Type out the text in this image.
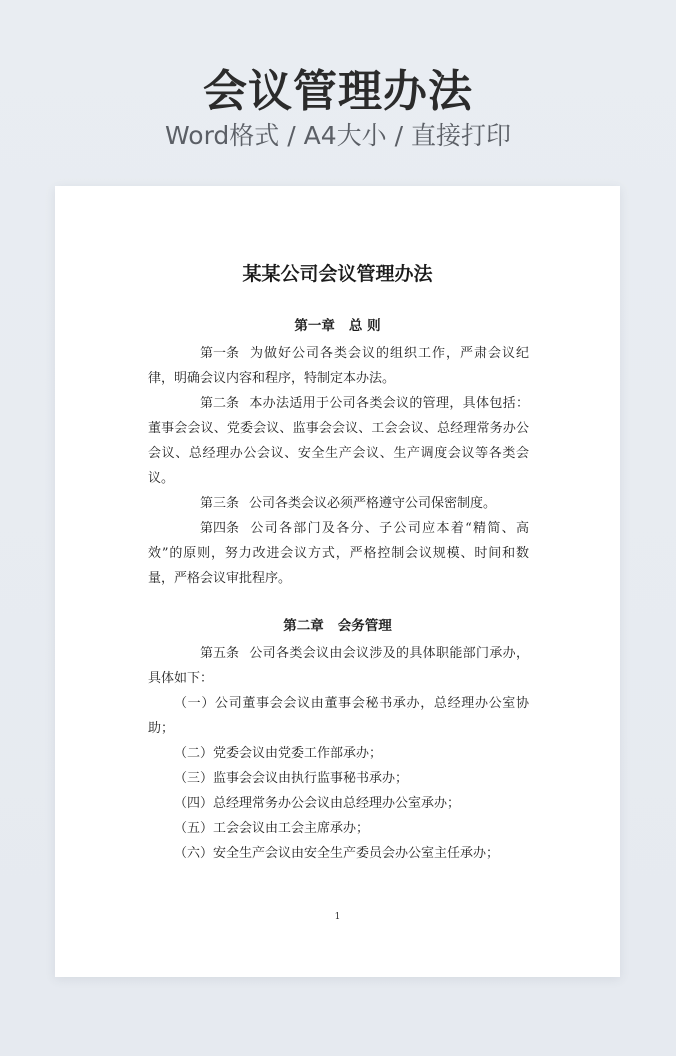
会议管理办法
Word格式 / A4大小 / 直接打印
某某公司会议管理办法
第一章 总 则

第一条 为做好公司各类会议的组织工作，严肃会议纪律，明确会议内容和程序，特制定本办法。

第二条 本办法适用于公司各类会议的管理，具体包括：董事会会议、党委会议、监事会会议、工会会议、总经理常务办公会议、总经理办公会议、安全生产会议、生产调度会议等各类会议。

第三条 公司各类会议必须严格遵守公司保密制度。

第四条 公司各部门及各分、子公司应本着“精简、高效”的原则，努力改进会议方式，严格控制会议规模、时间和数量，严格会议审批程序。

第二章 会务管理

第五条 公司各类会议由会议涉及的具体职能部门承办，具体如下：

（一）公司董事会会议由董事会秘书承办，总经理办公室协助；

（二）党委会议由党委工作部承办；

（三）监事会会议由执行监事秘书承办；

（四）总经理常务办公会议由总经理办公室承办；

（五）工会会议由工会主席承办；

（六）安全生产会议由安全生产委员会办公室主任承办；

1
